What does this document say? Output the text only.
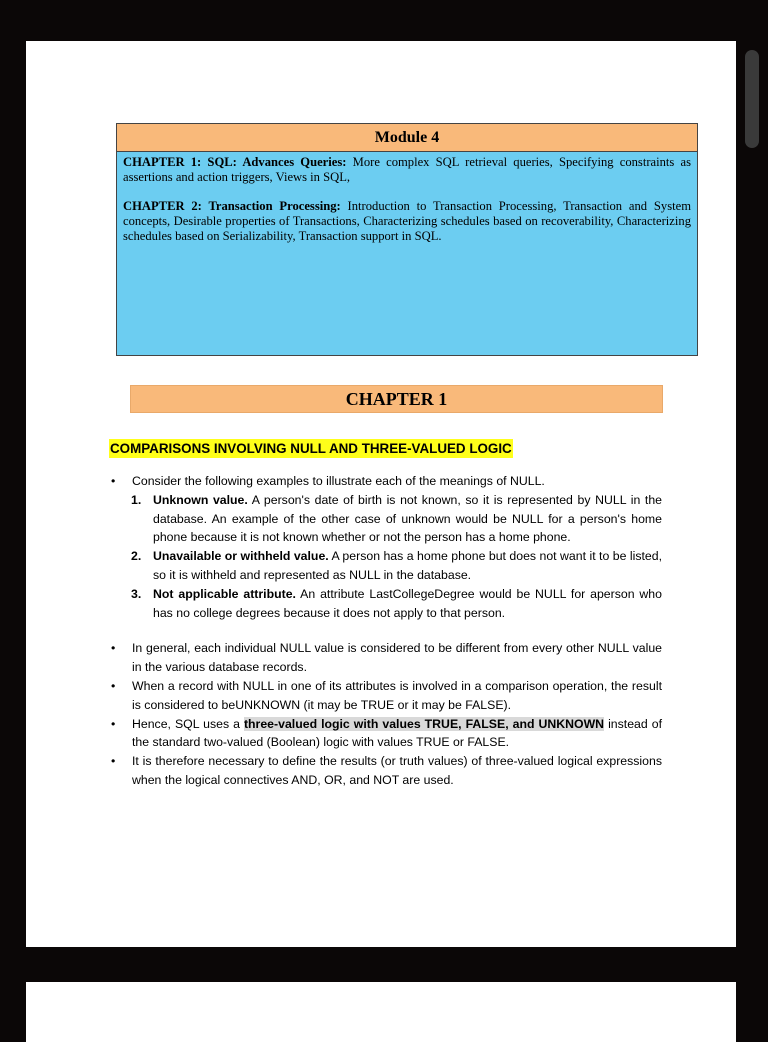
Module 4

CHAPTER 1: SQL: Advances Queries: More complex SQL retrieval queries, Specifying constraints as assertions and action triggers, Views in SQL,

CHAPTER 2: Transaction Processing: Introduction to Transaction Processing, Transaction and System concepts, Desirable properties of Transactions, Characterizing schedules based on recoverability, Characterizing schedules based on Serializability, Transaction support in SQL.

CHAPTER 1
COMPARISONS INVOLVING NULL AND THREE-VALUED LOGIC
• Consider the following examples to illustrate each of the meanings of NULL.
1. Unknown value. A person's date of birth is not known, so it is represented by NULL in the database. An example of the other case of unknown would be NULL for a person's home phone because it is not known whether or not the person has a home phone.
2. Unavailable or withheld value. A person has a home phone but does not want it to be listed, so it is withheld and represented as NULL in the database.
3. Not applicable attribute. An attribute LastCollegeDegree would be NULL for aperson who has no college degrees because it does not apply to that person.
• In general, each individual NULL value is considered to be different from every other NULL value in the various database records.
• When a record with NULL in one of its attributes is involved in a comparison operation, the result is considered to beUNKNOWN (it may be TRUE or it may be FALSE).
• Hence, SQL uses a three-valued logic with values TRUE, FALSE, and UNKNOWN instead of the standard two-valued (Boolean) logic with values TRUE or FALSE.
• It is therefore necessary to define the results (or truth values) of three-valued logical expressions when the logical connectives AND, OR, and NOT are used.
